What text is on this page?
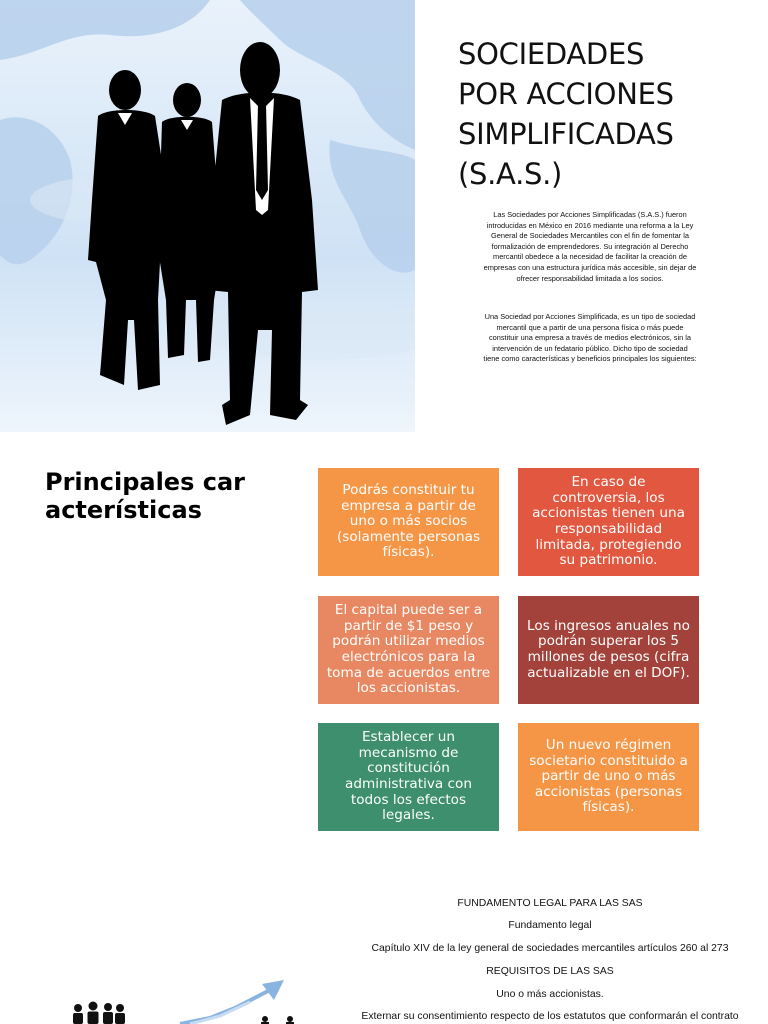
SOCIEDADES
POR ACCIONES
SIMPLIFICADAS
(S.A.S.)

Las Sociedades por Acciones Simplificadas (S.A.S.) fueron
introducidas en México en 2016 mediante una reforma a la Ley
General de Sociedades Mercantiles con el fin de fomentar la
formalización de emprendedores. Su integración al Derecho
mercantil obedece a la necesidad de facilitar la creación de
empresas con una estructura jurídica más accesible, sin dejar de
ofrecer responsabilidad limitada a los socios.

Una Sociedad por Acciones Simplificada, es un tipo de sociedad
mercantil que a partir de una persona física o más puede
constituir una empresa a través de medios electrónicos, sin la
intervención de un fedatario público. Dicho tipo de sociedad
tiene como características y beneficios principales los siguientes:

Principales características
Podrás constituir tu
empresa a partir de
uno o más socios
(solamente personas
físicas).
En caso de
controversia, los
accionistas tienen una
responsabilidad
limitada, protegiendo
su patrimonio.
El capital puede ser a
partir de $1 peso y
podrán utilizar medios
electrónicos para la
toma de acuerdos entre
los accionistas.
Los ingresos anuales no
podrán superar los 5
millones de pesos (cifra
actualizable en el DOF).
Establecer un
mecanismo de
constitución
administrativa con
todos los efectos
legales.
Un nuevo régimen
societario constituido a
partir de uno o más
accionistas (personas
físicas).

FUNDAMENTO LEGAL PARA LAS SAS

Fundamento legal

Capítulo XIV de la ley general de sociedades mercantiles artículos 260 al 273

REQUISITOS DE LAS SAS

Uno o más accionistas.

Externar su consentimiento respecto de los estatutos que conformarán el contrato
